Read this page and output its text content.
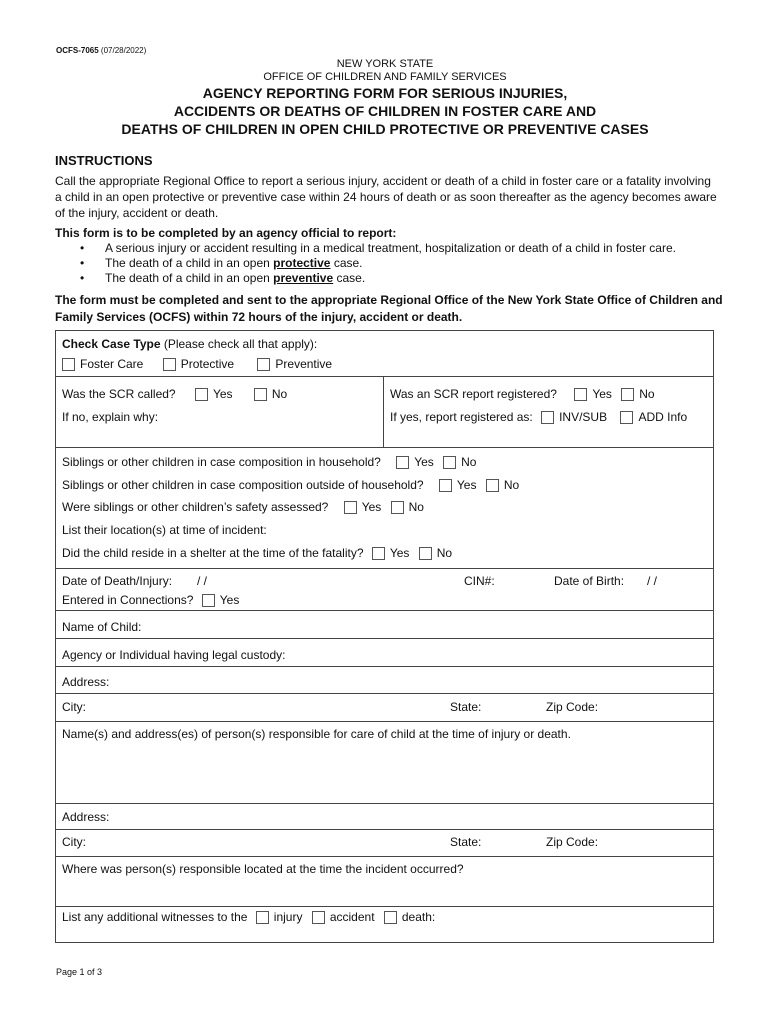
OCFS-7065 (07/28/2022)
NEW YORK STATE
OFFICE OF CHILDREN AND FAMILY SERVICES
AGENCY REPORTING FORM FOR SERIOUS INJURIES,
ACCIDENTS OR DEATHS OF CHILDREN IN FOSTER CARE AND
DEATHS OF CHILDREN IN OPEN CHILD PROTECTIVE OR PREVENTIVE CASES
INSTRUCTIONS
Call the appropriate Regional Office to report a serious injury, accident or death of a child in foster care or a fatality involving a child in an open protective or preventive case within 24 hours of death or as soon thereafter as the agency becomes aware of the injury, accident or death.
This form is to be completed by an agency official to report:
• A serious injury or accident resulting in a medical treatment, hospitalization or death of a child in foster care.
• The death of a child in an open protective case.
• The death of a child in an open preventive case.
The form must be completed and sent to the appropriate Regional Office of the New York State Office of Children and Family Services (OCFS) within 72 hours of the injury, accident or death.
Check Case Type (Please check all that apply):
Foster Care	Protective	Preventive
Was the SCR called?	Yes	No
If no, explain why:
Was an SCR report registered?	Yes No
If yes, report registered as: INV/SUB	ADD Info
Siblings or other children in case composition in household?	Yes No
Siblings or other children in case composition outside of household?	Yes No
Were siblings or other children’s safety assessed?	Yes No
List their location(s) at time of incident:
Did the child reside in a shelter at the time of the fatality? Yes No
Date of Death/Injury: / /	CIN#:	Date of Birth: / /
Entered in Connections? Yes
Name of Child:
Agency or Individual having legal custody:
Address:
City:	State:	Zip Code:
Name(s) and address(es) of person(s) responsible for care of child at the time of injury or death.
Address:
City:	State:	Zip Code:
Where was person(s) responsible located at the time the incident occurred?
List any additional witnesses to the injury accident death:
Page 1 of 3
